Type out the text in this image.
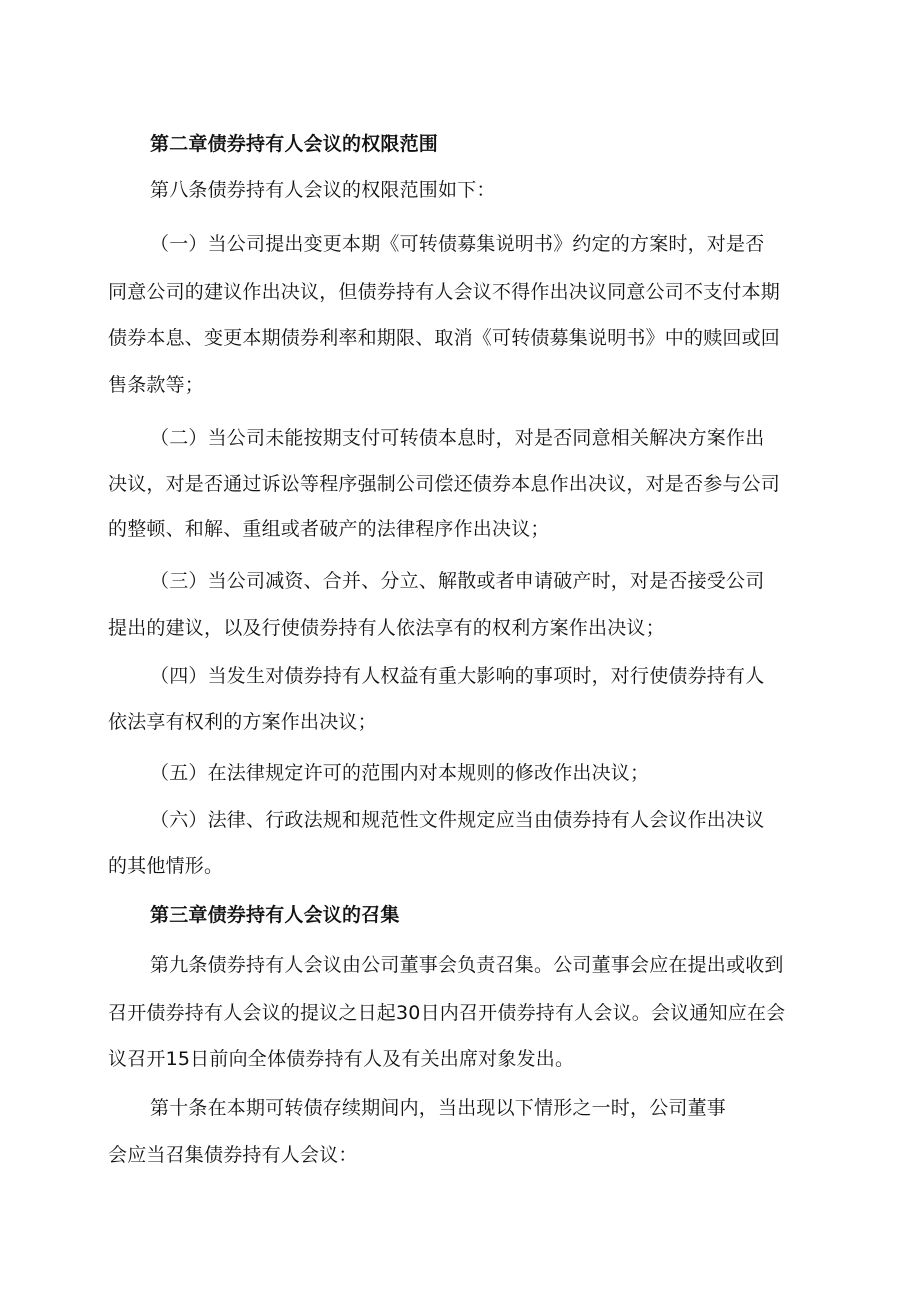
第二章债券持有人会议的权限范围
第八条债券持有人会议的权限范围如下：
（一）当公司提出变更本期《可转债募集说明书》约定的方案时，对是否
同意公司的建议作出决议，但债券持有人会议不得作出决议同意公司不支付本期
债券本息、变更本期债券利率和期限、取消《可转债募集说明书》中的赎回或回
售条款等；
（二）当公司未能按期支付可转债本息时，对是否同意相关解决方案作出
决议，对是否通过诉讼等程序强制公司偿还债券本息作出决议，对是否参与公司
的整顿、和解、重组或者破产的法律程序作出决议；
（三）当公司减资、合并、分立、解散或者申请破产时，对是否接受公司
提出的建议，以及行使债券持有人依法享有的权利方案作出决议；
（四）当发生对债券持有人权益有重大影响的事项时，对行使债券持有人
依法享有权利的方案作出决议；
（五）在法律规定许可的范围内对本规则的修改作出决议；
（六）法律、行政法规和规范性文件规定应当由债券持有人会议作出决议
的其他情形。
第三章债券持有人会议的召集
第九条债券持有人会议由公司董事会负责召集。公司董事会应在提出或收到
召开债券持有人会议的提议之日起30日内召开债券持有人会议。会议通知应在会
议召开15日前向全体债券持有人及有关出席对象发出。
第十条在本期可转债存续期间内，当出现以下情形之一时，公司董事
会应当召集债券持有人会议：
